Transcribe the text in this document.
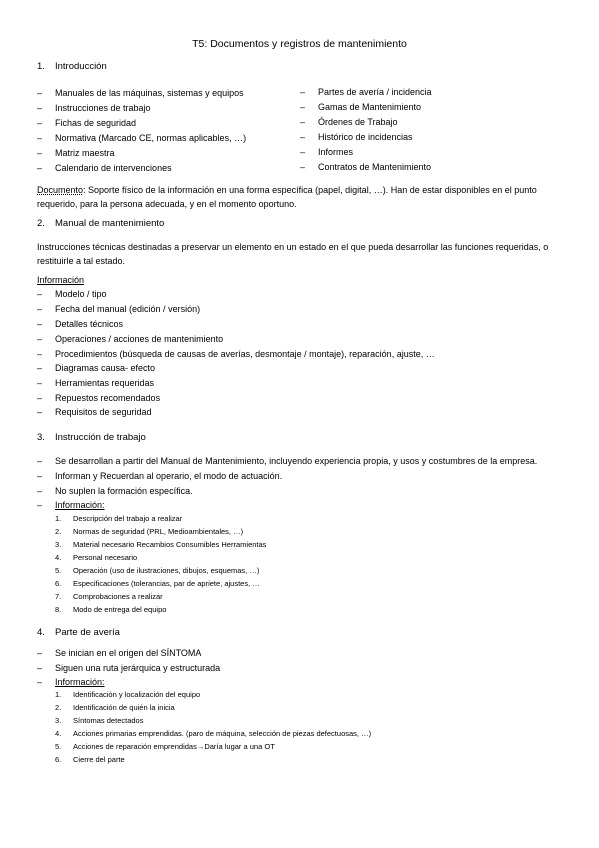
T5: Documentos y registros de mantenimiento
1. Introducción
– Manuales de las máquinas, sistemas y equipos
– Instrucciones de trabajo
– Fichas de seguridad
– Normativa (Marcado CE, normas aplicables, …)
– Matriz maestra
– Calendario de intervenciones
– Partes de avería / incidencia
– Gamas de Mantenimiento
– Órdenes de Trabajo
– Histórico de incidencias
– Informes
– Contratos de Mantenimiento
Documento: Soporte físico de la información en una forma específica (papel, digital, …). Han de estar disponibles en el punto requerido, para la persona adecuada, y en el momento oportuno.
2. Manual de mantenimiento
Instrucciones técnicas destinadas a preservar un elemento en un estado en el que pueda desarrollar las funciones requeridas, o restituirle a tal estado.
Información
– Modelo / tipo
– Fecha del manual (edición / versión)
– Detalles técnicos
– Operaciones / acciones de mantenimiento
– Procedimientos (búsqueda de causas de averías, desmontaje / montaje), reparación, ajuste, …
– Diagramas causa- efecto
– Herramientas requeridas
– Repuestos recomendados
– Requisitos de seguridad
3. Instrucción de trabajo
– Se desarrollan a partir del Manual de Mantenimiento, incluyendo experiencia propia, y usos y costumbres de la empresa.
– Informan y Recuerdan al operario, el modo de actuación.
– No suplen la formación específica.
– Información:
1. Descripción del trabajo a realizar
2. Normas de seguridad (PRL, Medioambientales, …)
3. Material necesario Recambios Consumibles Herramientas
4. Personal necesario
5. Operación (uso de ilustraciones, dibujos, esquemas, …)
6. Especificaciones (tolerancias, par de apriete, ajustes, …
7. Comprobaciones a realizar
8. Modo de entrega del equipo
4. Parte de avería
– Se inician en el origen del SÍNTOMA
– Siguen una ruta jerárquica y estructurada
– Información:
1. Identificación y localización del equipo
2. Identificación de quién la inicia
3. Síntomas detectados
4. Acciones primarias emprendidas. (paro de máquina, selección de piezas defectuosas, …)
5. Acciones de reparación emprendidas→Daría lugar a una OT
6. Cierre del parte
